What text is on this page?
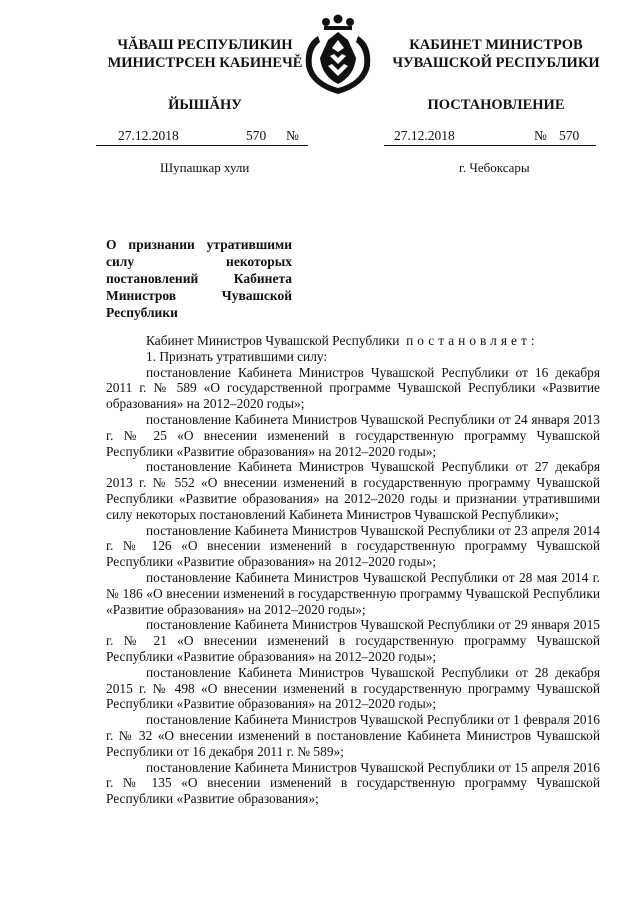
ЧĂВАШ РЕСПУБЛИКИН
МИНИСТРСЕН КАБИНЕЧĚ
ЙЫШĂНУ
КАБИНЕТ МИНИСТРОВ
ЧУВАШСКОЙ РЕСПУБЛИКИ
ПОСТАНОВЛЕНИЕ
27.12.2018	570 №	27.12.2018	№ 570
Шупашкар хули	г. Чебоксары
О признании утратившими силу некоторых постановлений Кабинета Министров Чувашской Республики
Кабинет Министров Чувашской Республики постановляет:
1. Признать утратившими силу:
постановление Кабинета Министров Чувашской Республики от 16 декабря 2011 г. № 589 «О государственной программе Чувашской Республики «Развитие образования» на 2012–2020 годы»;
постановление Кабинета Министров Чувашской Республики от 24 января 2013 г. № 25 «О внесении изменений в государственную программу Чувашской Республики «Развитие образования» на 2012–2020 годы»;
постановление Кабинета Министров Чувашской Республики от 27 декабря 2013 г. № 552 «О внесении изменений в государственную программу Чувашской Республики «Развитие образования» на 2012–2020 годы и признании утратившими силу некоторых постановлений Кабинета Министров Чувашской Республики»;
постановление Кабинета Министров Чувашской Республики от 23 апреля 2014 г. № 126 «О внесении изменений в государственную программу Чувашской Республики «Развитие образования» на 2012–2020 годы»;
постановление Кабинета Министров Чувашской Республики от 28 мая 2014 г. № 186 «О внесении изменений в государственную программу Чувашской Республики «Развитие образования» на 2012–2020 годы»;
постановление Кабинета Министров Чувашской Республики от 29 января 2015 г. № 21 «О внесении изменений в государственную программу Чувашской Республики «Развитие образования» на 2012–2020 годы»;
постановление Кабинета Министров Чувашской Республики от 28 декабря 2015 г. № 498 «О внесении изменений в государственную программу Чувашской Республики «Развитие образования» на 2012–2020 годы»;
постановление Кабинета Министров Чувашской Республики от 1 февраля 2016 г. № 32 «О внесении изменений в постановление Кабинета Министров Чувашской Республики от 16 декабря 2011 г. № 589»;
постановление Кабинета Министров Чувашской Республики от 15 апреля 2016 г. № 135 «О внесении изменений в государственную программу Чувашской Республики «Развитие образования»;
